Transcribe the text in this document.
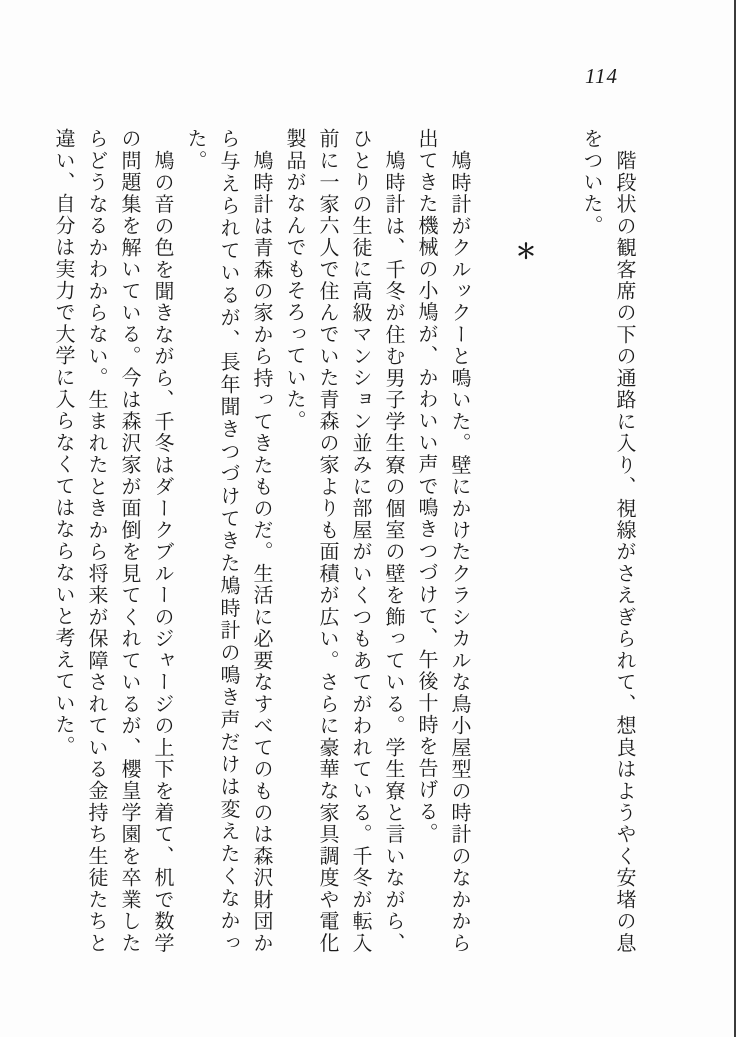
114

階段状の観客席の下の通路に入り、視線がさえぎられて、想良はようやく安堵の息をついた。

＊

鳩時計がクルックーと鳴いた。壁にかけたクラシカルな鳥小屋型の時計のなかから出てきた機械の小鳩が、かわいい声で鳴きつづけて、午後十時を告げる。

鳩時計は、千冬が住む男子学生寮の個室の壁を飾っている。学生寮と言いながら、ひとりの生徒に高級マンション並みに部屋がいくつもあてがわれている。千冬が転入前に一家六人で住んでいた青森の家よりも面積が広い。さらに豪華な家具調度や電化製品がなんでもそろっていた。

鳩時計は青森の家から持ってきたものだ。生活に必要なすべてのものは森沢財団から与えられているが、長年聞きつづけてきた鳩時計の鳴き声だけは変えたくなかった。

鳩の音の色を聞きながら、千冬はダークブルーのジャージの上下を着て、机で数学の問題集を解いている。今は森沢家が面倒を見てくれているが、櫻皇学園を卒業したらどうなるかわからない。生まれたときから将来が保障されている金持ち生徒たちと違い、自分は実力で大学に入らなくてはならないと考えていた。
